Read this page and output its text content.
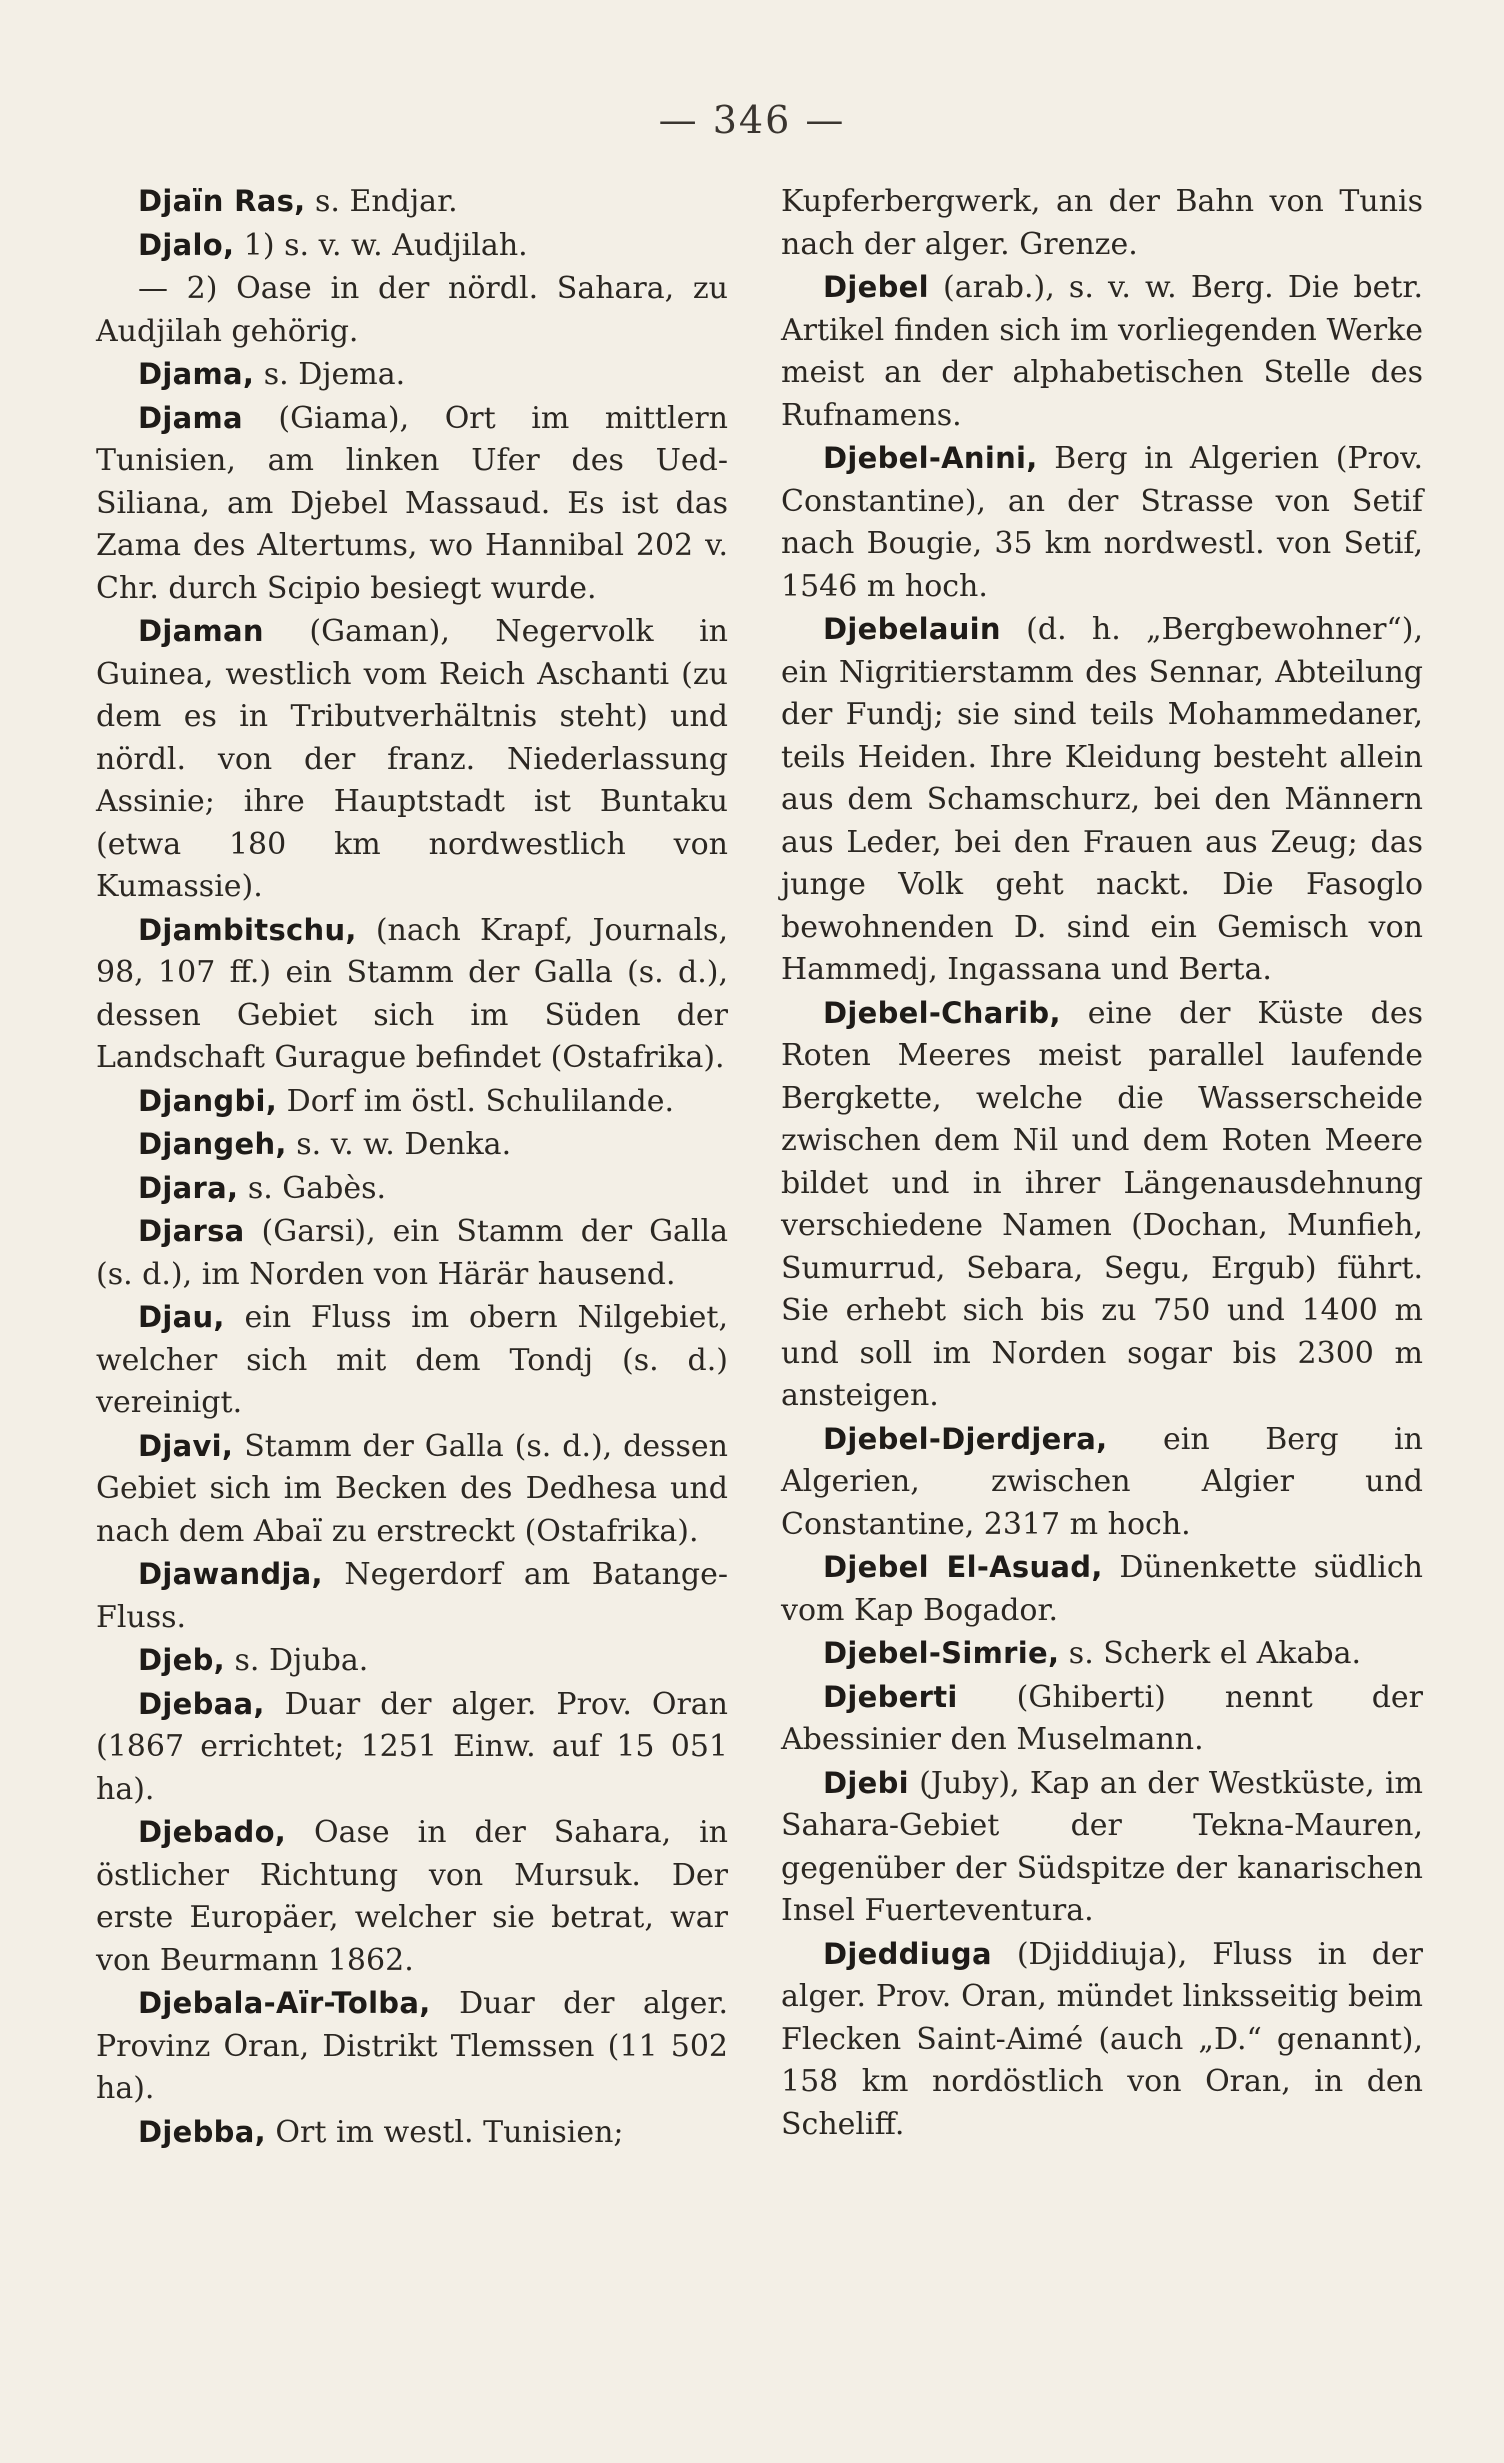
— 346 —

Djaïn Ras, s. Endjar.

Djalo, 1) s. v. w. Audjilah.

— 2) Oase in der nördl. Sahara, zu Audjilah gehörig.

Djama, s. Djema.

Djama (Giama), Ort im mittlern Tunisien, am linken Ufer des Ued-Siliana, am Djebel Massaud. Es ist das Zama des Altertums, wo Hannibal 202 v. Chr. durch Scipio besiegt wurde.

Djaman (Gaman), Negervolk in Guinea, westlich vom Reich Aschanti (zu dem es in Tributverhältnis steht) und nördl. von der franz. Niederlassung Assinie; ihre Hauptstadt ist Buntaku (etwa 180 km nordwestlich von Kumassie).

Djambitschu, (nach Krapf, Journals, 98, 107 ff.) ein Stamm der Galla (s. d.), dessen Gebiet sich im Süden der Landschaft Gurague befindet (Ostafrika).

Djangbi, Dorf im östl. Schulilande.

Djangeh, s. v. w. Denka.

Djara, s. Gabès.

Djarsa (Garsi), ein Stamm der Galla (s. d.), im Norden von Härär hausend.

Djau, ein Fluss im obern Nilgebiet, welcher sich mit dem Tondj (s. d.) vereinigt.

Djavi, Stamm der Galla (s. d.), dessen Gebiet sich im Becken des Dedhesa und nach dem Abaï zu erstreckt (Ostafrika).

Djawandja, Negerdorf am Batange-Fluss.

Djeb, s. Djuba.

Djebaa, Duar der alger. Prov. Oran (1867 errichtet; 1251 Einw. auf 15 051 ha).

Djebado, Oase in der Sahara, in östlicher Richtung von Mursuk. Der erste Europäer, welcher sie betrat, war von Beurmann 1862.

Djebala-Aïr-Tolba, Duar der alger. Provinz Oran, Distrikt Tlemssen (11 502 ha).

Djebba, Ort im westl. Tunisien;

Kupferbergwerk, an der Bahn von Tunis nach der alger. Grenze.

Djebel (arab.), s. v. w. Berg. Die betr. Artikel finden sich im vorliegenden Werke meist an der alphabetischen Stelle des Rufnamens.

Djebel-Anini, Berg in Algerien (Prov. Constantine), an der Strasse von Setif nach Bougie, 35 km nordwestl. von Setif, 1546 m hoch.

Djebelauin (d. h. „Bergbewohner“), ein Nigritierstamm des Sennar, Abteilung der Fundj; sie sind teils Mohammedaner, teils Heiden. Ihre Kleidung besteht allein aus dem Schamschurz, bei den Männern aus Leder, bei den Frauen aus Zeug; das junge Volk geht nackt. Die Fasoglo bewohnenden D. sind ein Gemisch von Hammedj, Ingassana und Berta.

Djebel-Charib, eine der Küste des Roten Meeres meist parallel laufende Bergkette, welche die Wasserscheide zwischen dem Nil und dem Roten Meere bildet und in ihrer Längenausdehnung verschiedene Namen (Dochan, Munfieh, Sumurrud, Sebara, Segu, Ergub) führt. Sie erhebt sich bis zu 750 und 1400 m und soll im Norden sogar bis 2300 m ansteigen.

Djebel-Djerdjera, ein Berg in Algerien, zwischen Algier und Constantine, 2317 m hoch.

Djebel El-Asuad, Dünenkette südlich vom Kap Bogador.

Djebel-Simrie, s. Scherk el Akaba.

Djeberti (Ghiberti) nennt der Abessinier den Muselmann.

Djebi (Juby), Kap an der Westküste, im Sahara-Gebiet der Tekna-Mauren, gegenüber der Südspitze der kanarischen Insel Fuerteventura.

Djeddiuga (Djiddiuja), Fluss in der alger. Prov. Oran, mündet linksseitig beim Flecken Saint-Aimé (auch „D.“ genannt), 158 km nordöstlich von Oran, in den Scheliff.
